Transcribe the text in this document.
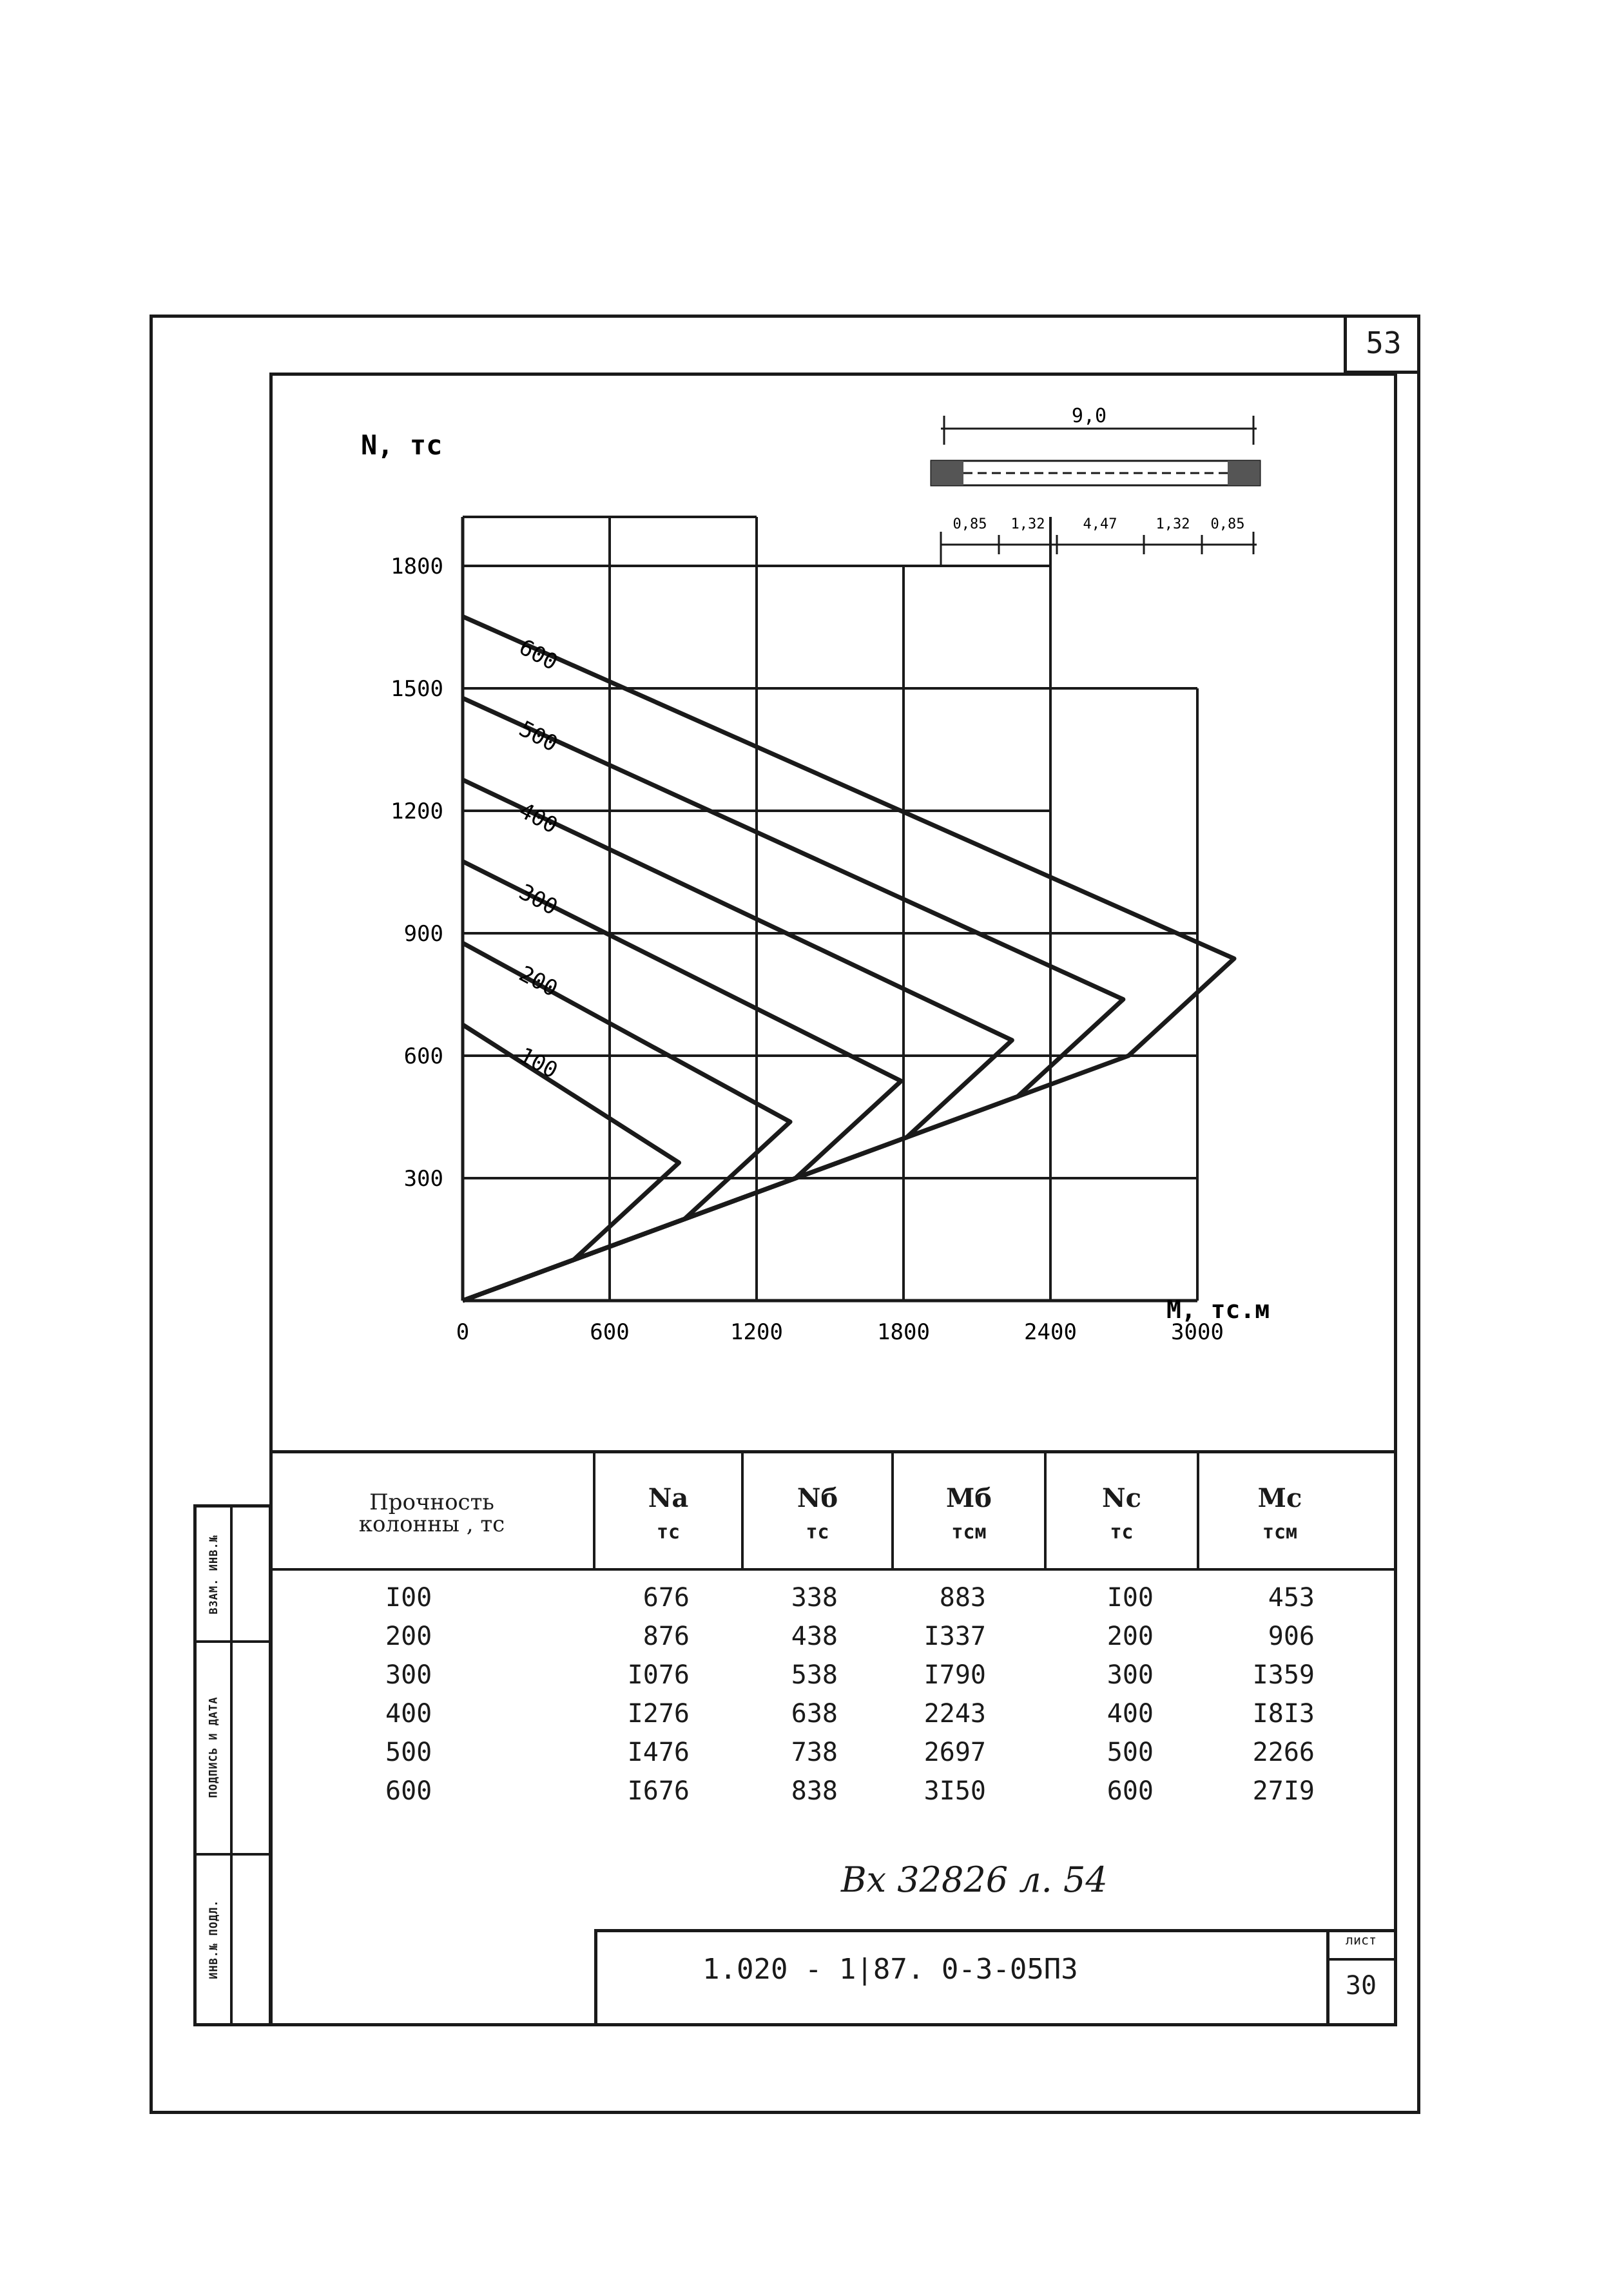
53
100
200
300
400
500
600
0	600	1200	1800	2400	3000
300
600
900
1200
1500
1800
N, тс
M, тс.м
9,0
0,85 1,32	4,47	1,32 0,85
Прочность колонны , тс
Na
тс
Nб
тс
Mб
тсм
Nc
тс
Mc
тсм
I00	676	338	883	I00	453
200	876	438	I337	200	906
300	I076	538	I790	300	I359
400	I276	638	2243	400	I8I3
500	I476	738	2697	500	2266
600	I676	838	3I50	600	27I9
ВЗАМ. ИНВ.№
ПОДПИСЬ И ДАТА
ИНВ.№ ПОДЛ.
Вх 32826 л. 54
1.020 - 1|87. 0-3-05ПЗ
лист
30
